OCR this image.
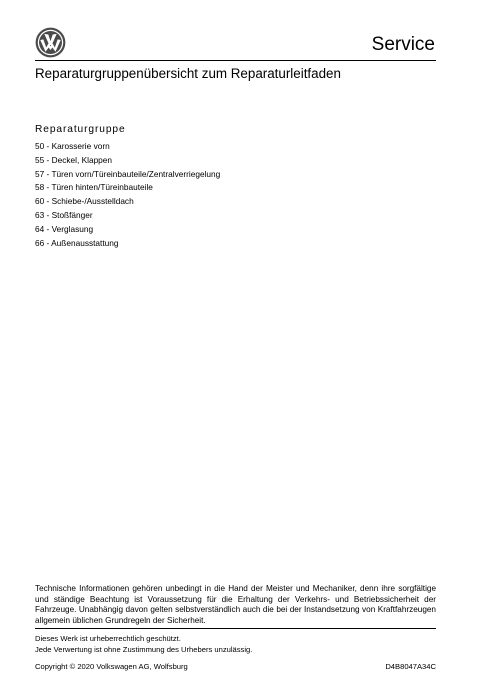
Service
Reparaturgruppenübersicht zum Reparaturleitfaden
Reparaturgruppe
50 - Karosserie vorn
55 - Deckel, Klappen
57 - Türen vorn/Türeinbauteile/Zentralverriegelung
58 - Türen hinten/Türeinbauteile
60 - Schiebe-/Ausstelldach
63 - Stoßfänger
64 - Verglasung
66 - Außenausstattung

Technische Informationen gehören unbedingt in die Hand der Meister und Mechaniker, denn ihre sorgfältige und ständige Beachtung ist Voraussetzung für die Erhaltung der Verkehrs- und Betriebssicherheit der Fahrzeuge. Unabhängig davon gelten selbstverständlich auch die bei der Instandsetzung von Kraftfahrzeugen allgemein üblichen Grundregeln der Sicherheit.

Dieses Werk ist urheberrechtlich geschützt.
Jede Verwertung ist ohne Zustimmung des Urhebers unzulässig.
Copyright © 2020 Volkswagen AG, Wolfsburg	D4B8047A34C
